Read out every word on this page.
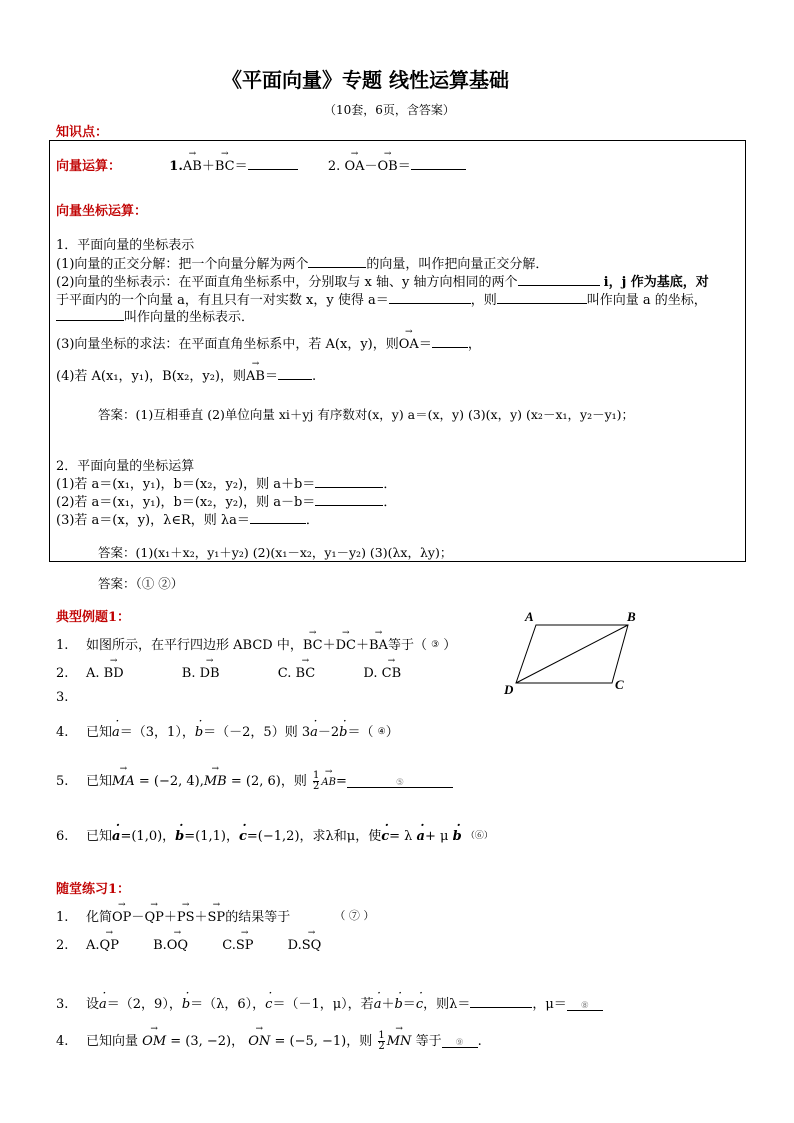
《平面向量》专题 线性运算基础
（10套，6页，含答案）
知识点：
向量运算：	1.→ AB＋→ BC＝	2. → OA－→ OB＝
向量坐标运算：
1．平面向量的坐标表示
(1)向量的正交分解：把一个向量分解为两个	的向量，叫作把向量正交分解．
(2)向量的坐标表示：在平面直角坐标系中，分别取与 x 轴、y 轴方向相同的两个	i，j 作为基底，对
于平面内的一个向量 a，有且只有一对实数 x，y 使得 a＝	，则	叫作向量 a 的坐标，
叫作向量的坐标表示．
(3)向量坐标的求法：在平面直角坐标系中，若 A(x，y)，则→ OA＝	，
(4)若 A(x₁，y₁)，B(x₂，y₂)，则→ AB＝	.
答案：(1)互相垂直 (2)单位向量 xi＋yj 有序数对(x，y) a＝(x，y) (3)(x，y) (x₂－x₁，y₂－y₁)；
2．平面向量的坐标运算
(1)若 a＝(x₁，y₁)，b＝(x₂，y₂)，则 a＋b＝	．
(2)若 a＝(x₁，y₁)，b＝(x₂，y₂)，则 a－b＝	．
(3)若 a＝(x，y)，λ∈R，则 λa＝	．
答案：(1)(x₁＋x₂，y₁＋y₂) (2)(x₁－x₂，y₁－y₂) (3)(λx，λy)；
答案：（① ②）
典型例题1：
1. 如图所示，在平行四边形 ABCD 中，→ BC＋→ DC＋→ BA等于（ ③ ）
2. A. → BD	B. → DB	C. → BC	D. → CB
3.
A	B
C
D
4. 已知· a＝（3，1），· b＝（－2，5）则 3· a－2· b＝（ ④）
5. 已知→ MA = (−2, 4),→ MB = (2, 6)，则 $\frac{1}{2}$
→ AB=	⑤
6. 已知· a=(1,0)，· b=(1,1)，· c=(−1,2)，求λ和μ，使· c= λ · a+ μ · b （⑥）
随堂练习1：
1. 化简→ OP－→ QP＋→ PS＋→ SP的结果等于	（ ⑦ ）
2. A.→ QP	B.→ OQ	C.→ SP	D.→ SQ
3. 设· a＝（2，9），· b＝（λ，6），· c＝（－1，μ），若· a＋· b＝· c，则λ＝	，μ＝ ⑧
4. 已知向量 → OM = (3, −2)， → ON = (−5, −1)，则 $\frac{1}{2}$
→ MN 等于 ⑨ .
